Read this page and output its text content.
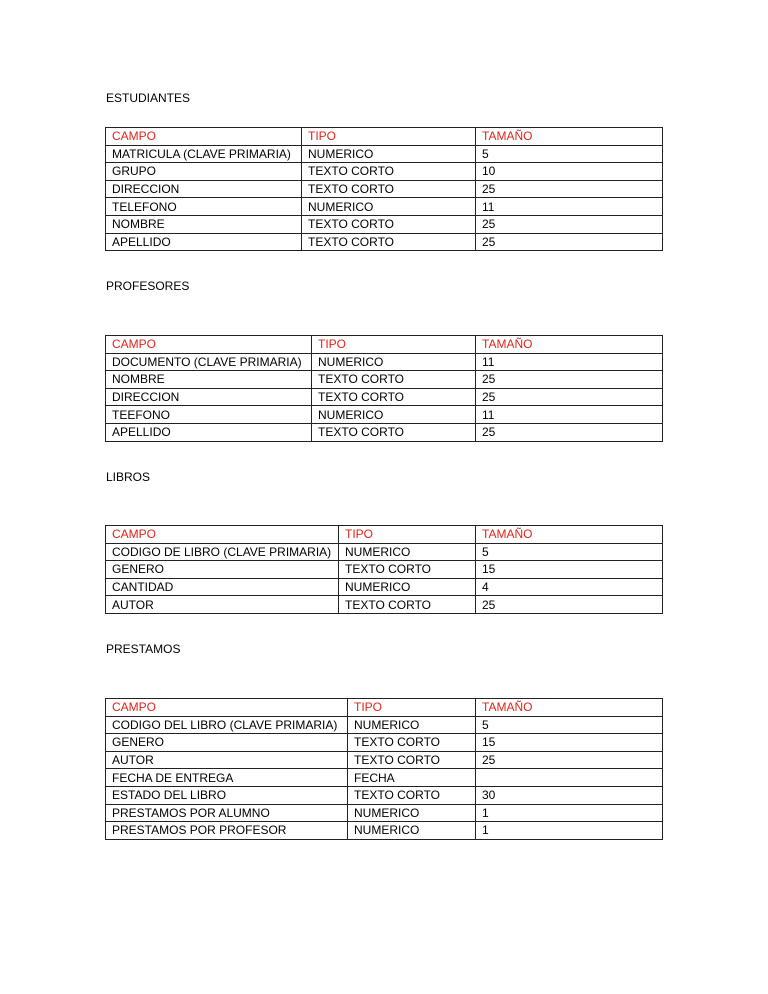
ESTUDIANTES
CAMPO	TIPO	TAMAÑO
MATRICULA (CLAVE PRIMARIA)	NUMERICO	5
GRUPO	TEXTO CORTO	10
DIRECCION	TEXTO CORTO	25
TELEFONO	NUMERICO	11
NOMBRE	TEXTO CORTO	25
APELLIDO	TEXTO CORTO	25
PROFESORES
CAMPO	TIPO	TAMAÑO
DOCUMENTO (CLAVE PRIMARIA)	NUMERICO	11
NOMBRE	TEXTO CORTO	25
DIRECCION	TEXTO CORTO	25
TEEFONO	NUMERICO	11
APELLIDO	TEXTO CORTO	25
LIBROS
CAMPO	TIPO	TAMAÑO
CODIGO DE LIBRO (CLAVE PRIMARIA)	NUMERICO	5
GENERO	TEXTO CORTO	15
CANTIDAD	NUMERICO	4
AUTOR	TEXTO CORTO	25
PRESTAMOS
CAMPO	TIPO	TAMAÑO
CODIGO DEL LIBRO (CLAVE PRIMARIA)	NUMERICO	5
GENERO	TEXTO CORTO	15
AUTOR	TEXTO CORTO	25
FECHA DE ENTREGA	FECHA	
ESTADO DEL LIBRO	TEXTO CORTO	30
PRESTAMOS POR ALUMNO	NUMERICO	1
PRESTAMOS POR PROFESOR	NUMERICO	1
